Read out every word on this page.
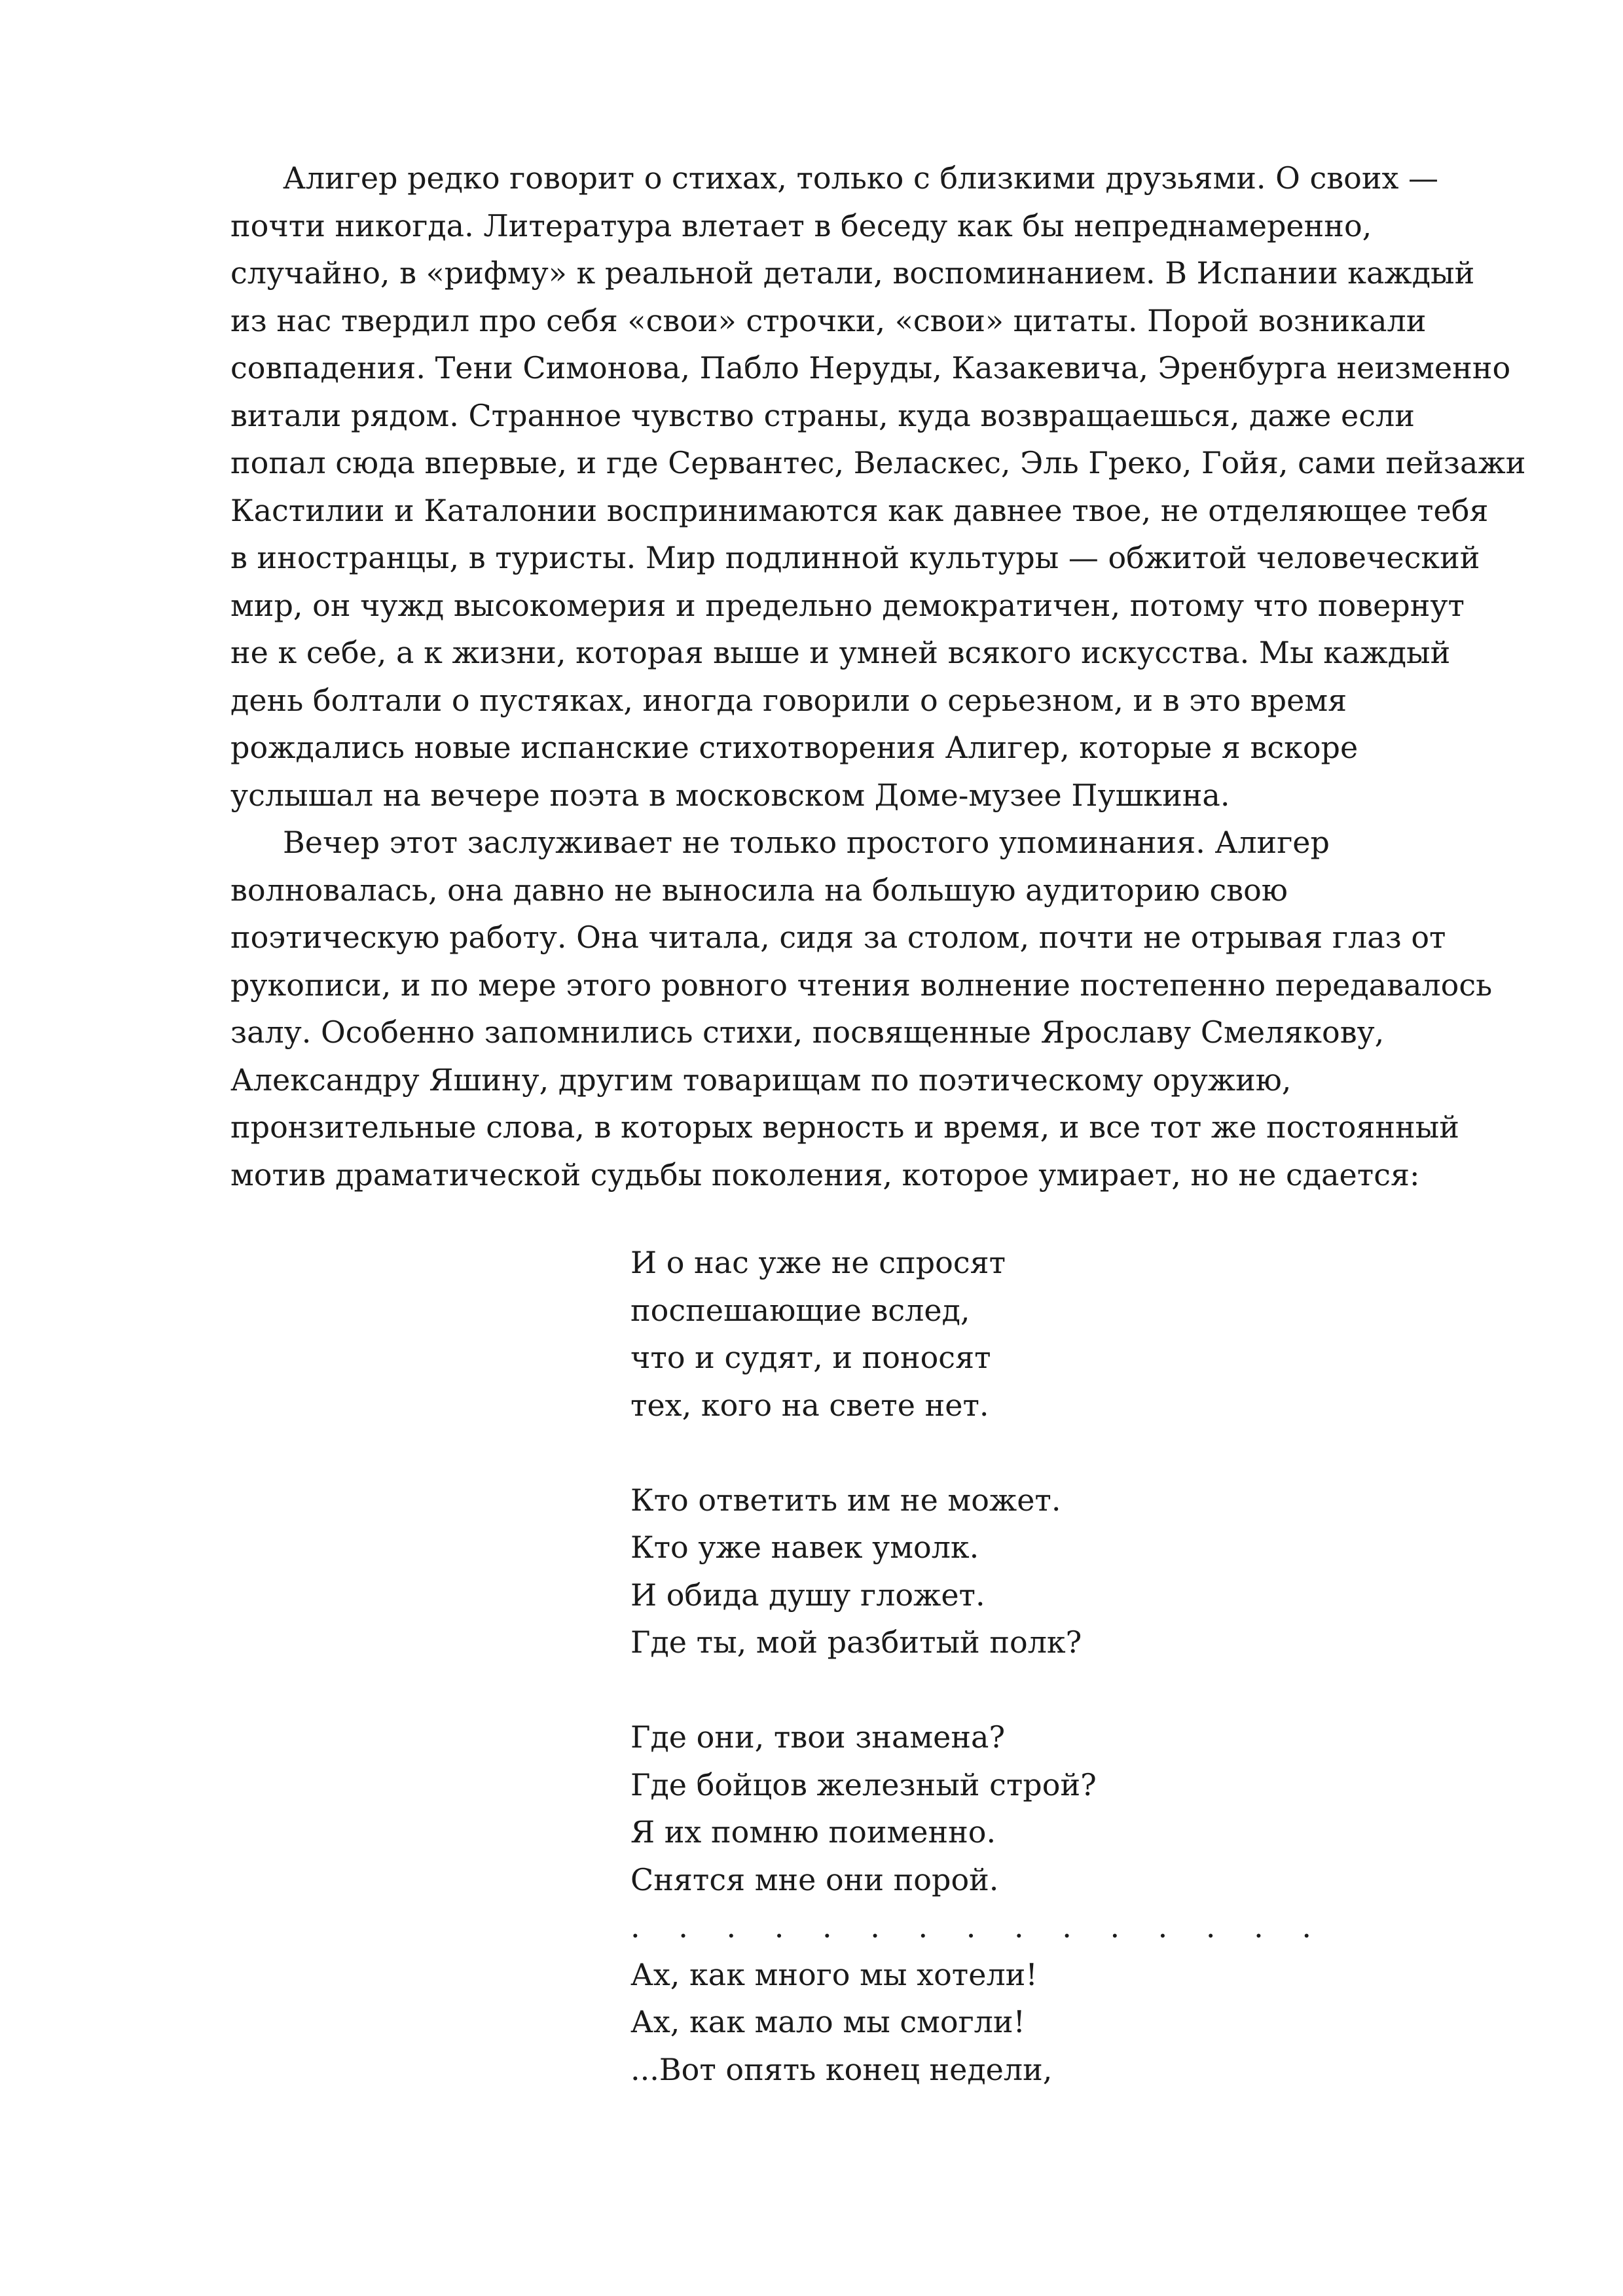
Алигер редко говорит о стихах, только с близкими друзьями. О своих —
почти никогда. Литература влетает в беседу как бы непреднамеренно,
случайно, в «рифму» к реальной детали, воспоминанием. В Испании каждый
из нас твердил про себя «свои» строчки, «свои» цитаты. Порой возникали
совпадения. Тени Симонова, Пабло Неруды, Казакевича, Эренбурга неизменно
витали рядом. Странное чувство страны, куда возвращаешься, даже если
попал сюда впервые, и где Сервантес, Веласкес, Эль Греко, Гойя, сами пейзажи
Кастилии и Каталонии воспринимаются как давнее твое, не отделяющее тебя
в иностранцы, в туристы. Мир подлинной культуры — обжитой человеческий
мир, он чужд высокомерия и предельно демократичен, потому что повернут
не к себе, а к жизни, которая выше и умней всякого искусства. Мы каждый
день болтали о пустяках, иногда говорили о серьезном, и в это время
рождались новые испанские стихотворения Алигер, которые я вскоре
услышал на вечере поэта в московском Доме-музее Пушкина.
Вечер этот заслуживает не только простого упоминания. Алигер
волновалась, она давно не выносила на большую аудиторию свою
поэтическую работу. Она читала, сидя за столом, почти не отрывая глаз от
рукописи, и по мере этого ровного чтения волнение постепенно передавалось
залу. Особенно запомнились стихи, посвященные Ярославу Смелякову,
Александру Яшину, другим товарищам по поэтическому оружию,
пронзительные слова, в которых верность и время, и все тот же постоянный
мотив драматической судьбы поколения, которое умирает, но не сдается:
И о нас уже не спросят
поспешающие вслед,
что и судят, и поносят
тех, кого на свете нет.
Кто ответить им не может.
Кто уже навек умолк.
И обида душу гложет.
Где ты, мой разбитый полк?
Где они, твои знамена?
Где бойцов железный строй?
Я их помню поименно.
Снятся мне они порой.
. . . . . . . . . . . . . . .
Ах, как много мы хотели!
Ах, как мало мы смогли!
...Вот опять конец недели,
